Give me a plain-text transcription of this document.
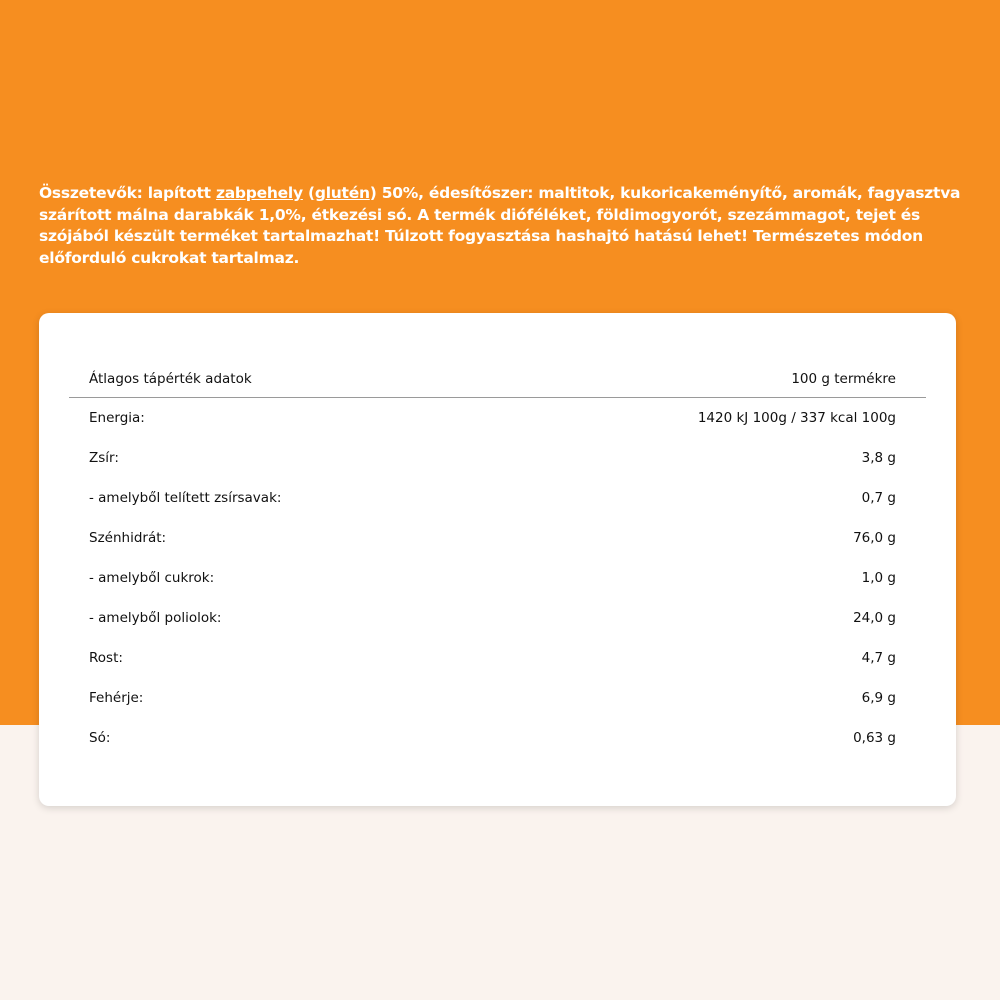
Összetevők: lapított zabpehely (glutén) 50%, édesítőszer: maltitok, kukoricakeményítő, aromák, fagyasztva szárított málna darabkák 1,0%, étkezési só. A termék dióféléket, földimogyorót, szezámmagot, tejet és szójából készült terméket tartalmazhat! Túlzott fogyasztása hashajtó hatású lehet! Természetes módon előforduló cukrokat tartalmaz.
Átlagos tápérték adatok	100 g termékre
Energia:	1420 kJ 100g / 337 kcal 100g
Zsír:	3,8 g
- amelyből telített zsírsavak:	0,7 g
Szénhidrát:	76,0 g
- amelyből cukrok:	1,0 g
- amelyből poliolok:	24,0 g
Rost:	4,7 g
Fehérje:	6,9 g
Só:	0,63 g
